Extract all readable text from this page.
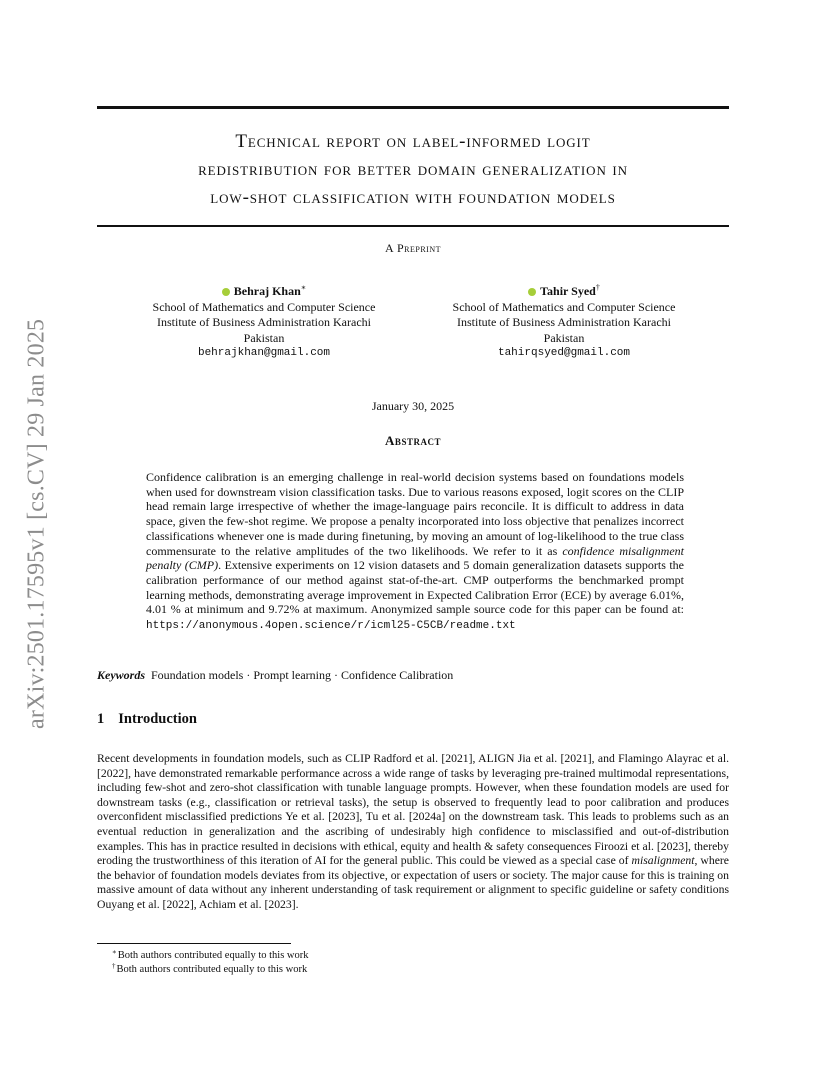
arXiv:2501.17595v1 [cs.CV] 29 Jan 2025
Technical report on label-informed logit
redistribution for better domain generalization in
low-shot classification with foundation models
A Preprint
Behraj Khan∗
School of Mathematics and Computer Science
Institute of Business Administration Karachi
Pakistan
behrajkhan@gmail.com
Tahir Syed†
School of Mathematics and Computer Science
Institute of Business Administration Karachi
Pakistan
tahirqsyed@gmail.com
January 30, 2025
Abstract
Confidence calibration is an emerging challenge in real-world decision systems based on foundations models when used for downstream vision classification tasks. Due to various reasons exposed, logit scores on the CLIP head remain large irrespective of whether the image-language pairs reconcile. It is difficult to address in data space, given the few-shot regime. We propose a penalty incorporated into loss objective that penalizes incorrect classifications whenever one is made during finetuning, by moving an amount of log-likelihood to the true class commensurate to the relative amplitudes of the two likelihoods. We refer to it as confidence misalignment penalty (CMP). Extensive experiments on 12 vision datasets and 5 domain generalization datasets supports the calibration performance of our method against stat-of-the-art. CMP outperforms the benchmarked prompt learning methods, demonstrating average improvement in Expected Calibration Error (ECE) by average 6.01%, 4.01 % at minimum and 9.72% at maximum. Anonymized sample source code for this paper can be found at: https://anonymous.4open.science/r/icml25-C5CB/readme.txt
Keywords Foundation models · Prompt learning · Confidence Calibration
1 Introduction
Recent developments in foundation models, such as CLIP Radford et al. [2021], ALIGN Jia et al. [2021], and Flamingo Alayrac et al. [2022], have demonstrated remarkable performance across a wide range of tasks by leveraging pre-trained multimodal representations, including few-shot and zero-shot classification with tunable language prompts. However, when these foundation models are used for downstream tasks (e.g., classification or retrieval tasks), the setup is observed to frequently lead to poor calibration and produces overconfident misclassified predictions Ye et al. [2023], Tu et al. [2024a] on the downstream task. This leads to problems such as an eventual reduction in generalization and the ascribing of undesirably high confidence to misclassified and out-of-distribution examples. This has in practice resulted in decisions with ethical, equity and health & safety consequences Firoozi et al. [2023], thereby eroding the trustworthiness of this iteration of AI for the general public. This could be viewed as a special case of misalignment, where the behavior of foundation models deviates from its objective, or expectation of users or society. The major cause for this is training on massive amount of data without any inherent understanding of task requirement or alignment to specific guideline or safety conditions Ouyang et al. [2022], Achiam et al. [2023].
∗Both authors contributed equally to this work
†Both authors contributed equally to this work
